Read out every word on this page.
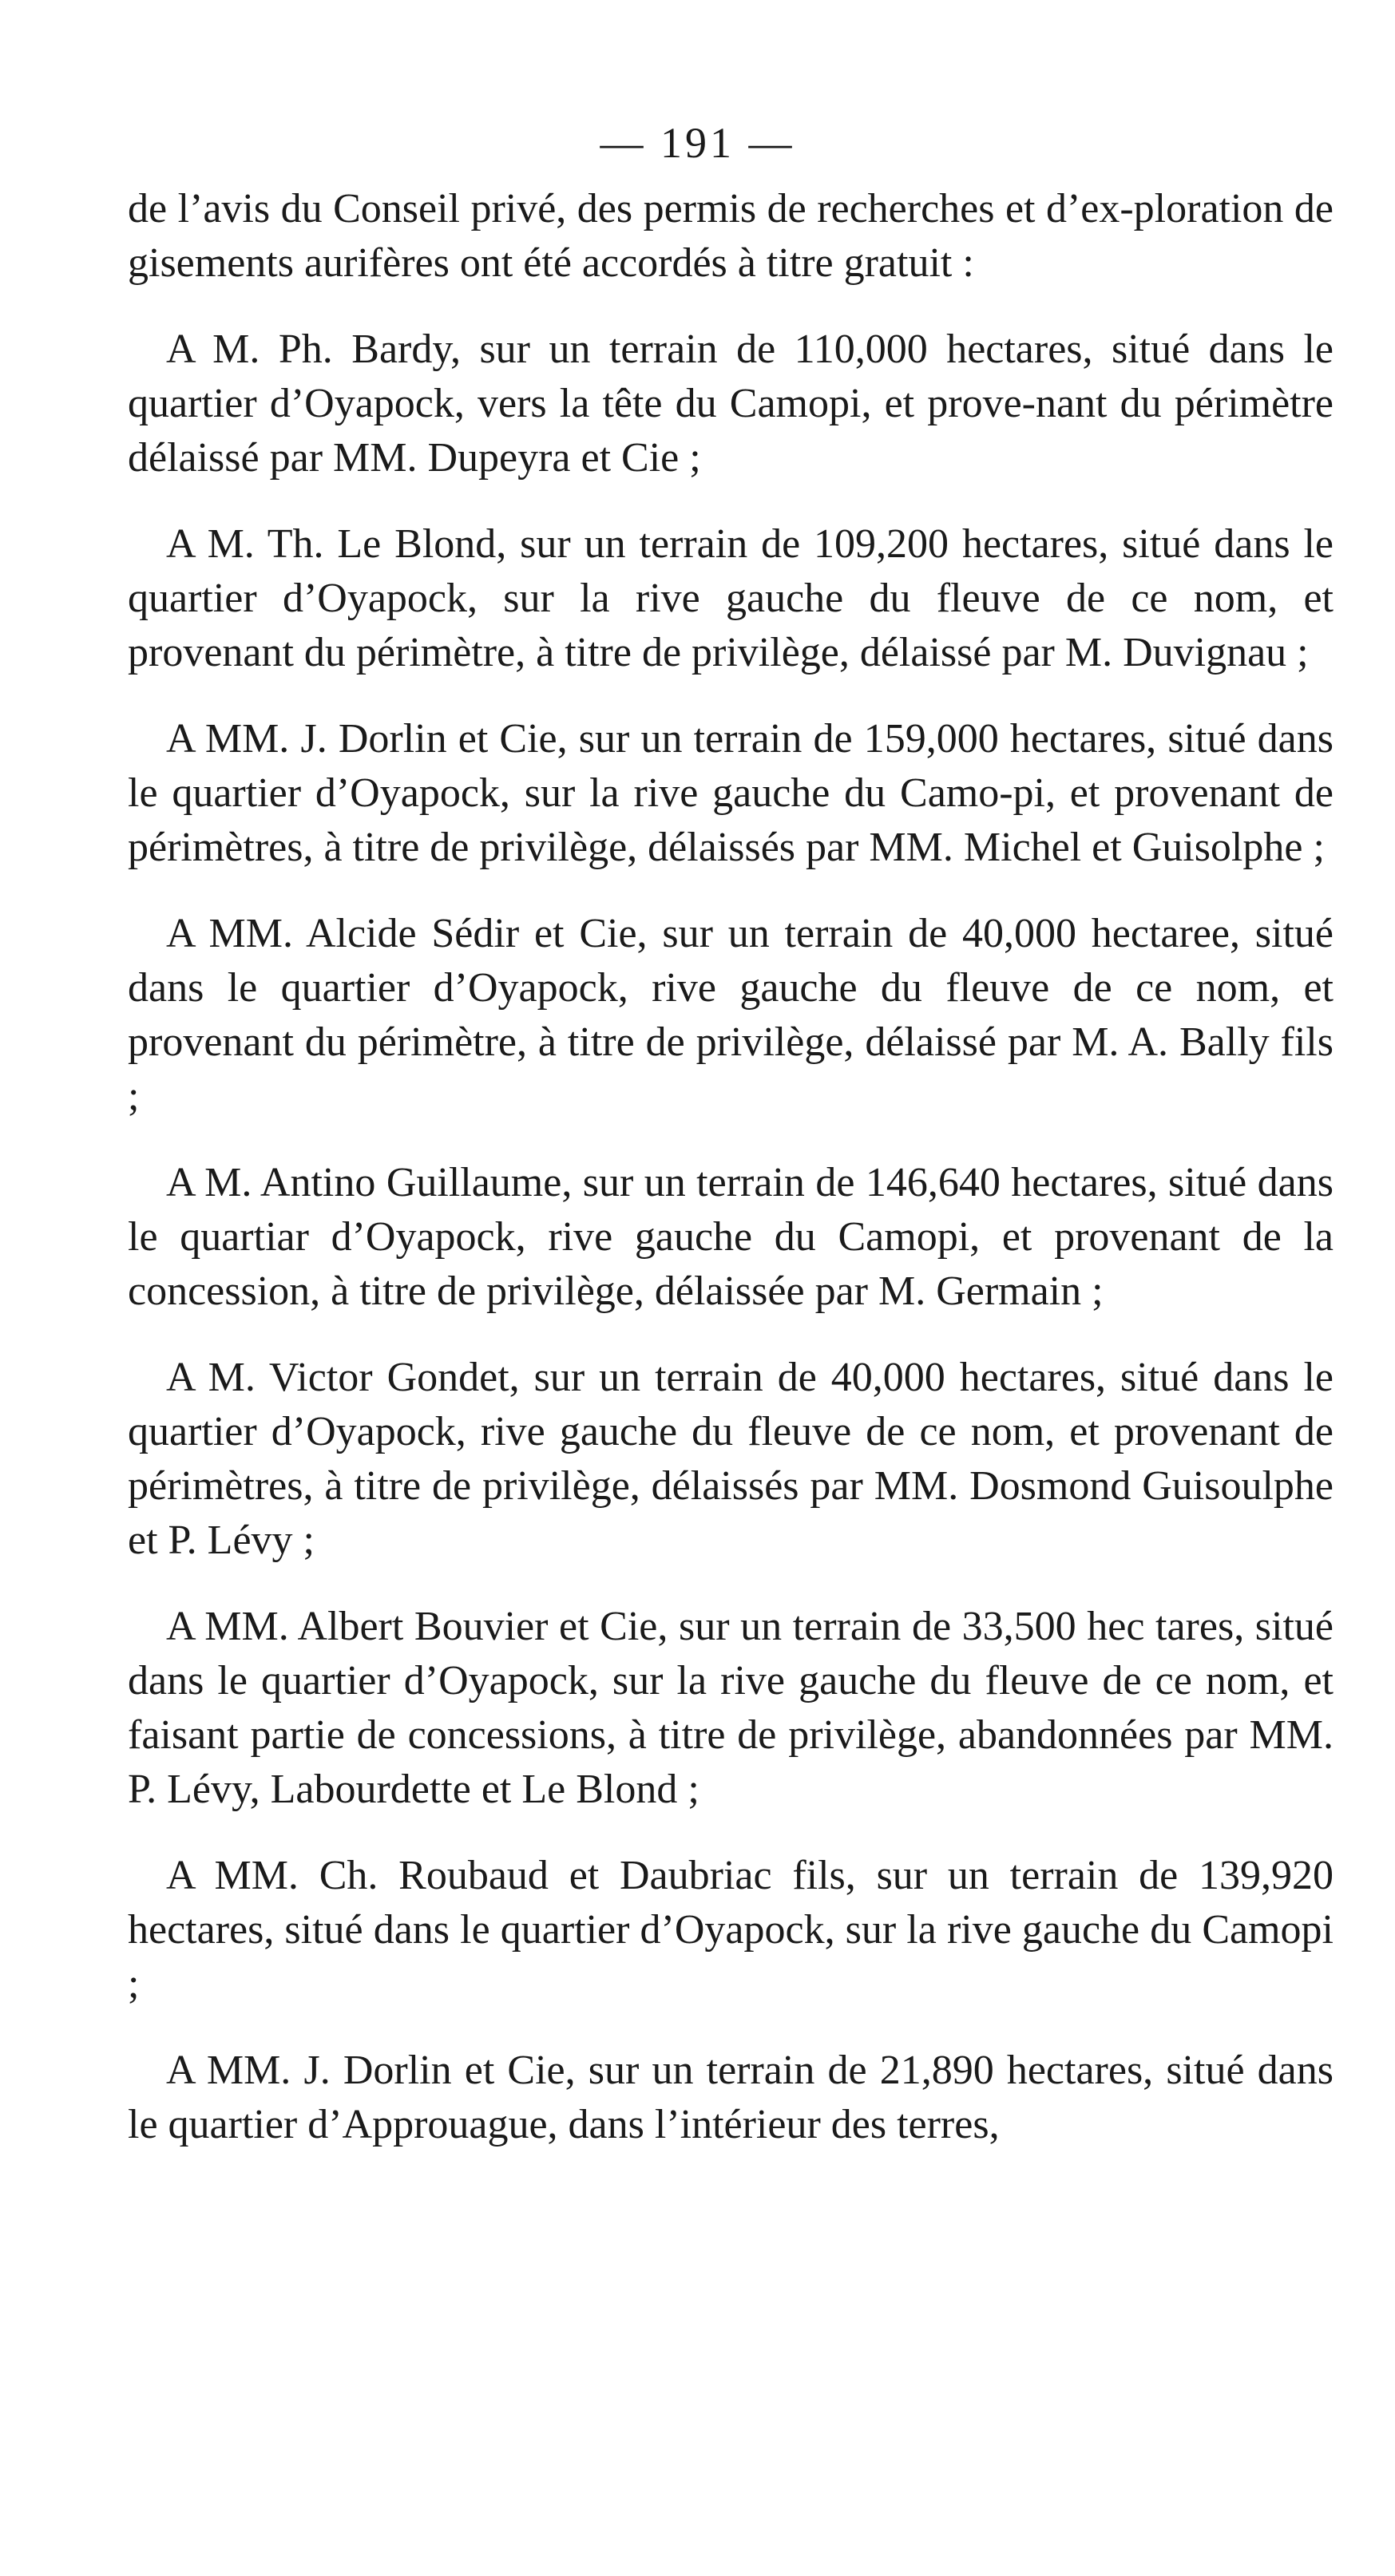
— 191 —

de l’avis du Conseil privé, des permis de recherches et d’ex-ploration de gisements aurifères ont été accordés à titre gratuit :

A M. Ph. Bardy, sur un terrain de 110,000 hectares, situé dans le quartier d’Oyapock, vers la tête du Camopi, et prove-nant du périmètre délaissé par MM. Dupeyra et Cie ;

A M. Th. Le Blond, sur un terrain de 109,200 hectares, situé dans le quartier d’Oyapock, sur la rive gauche du fleuve de ce nom, et provenant du périmètre, à titre de privilège, délaissé par M. Duvignau ;

A MM. J. Dorlin et Cie, sur un terrain de 159,000 hectares, situé dans le quartier d’Oyapock, sur la rive gauche du Camo-pi, et provenant de périmètres, à titre de privilège, délaissés par MM. Michel et Guisolphe ;

A MM. Alcide Sédir et Cie, sur un terrain de 40,000 hectaree, situé dans le quartier d’Oyapock, rive gauche du fleuve de ce nom, et provenant du périmètre, à titre de privilège, délaissé par M. A. Bally fils ;

A M. Antino Guillaume, sur un terrain de 146,640 hectares, situé dans le quartiar d’Oyapock, rive gauche du Camopi, et provenant de la concession, à titre de privilège, délaissée par M. Germain ;

A M. Victor Gondet, sur un terrain de 40,000 hectares, situé dans le quartier d’Oyapock, rive gauche du fleuve de ce nom, et provenant de périmètres, à titre de privilège, délaissés par MM. Dosmond Guisoulphe et P. Lévy ;

A MM. Albert Bouvier et Cie, sur un terrain de 33,500 hec tares, situé dans le quartier d’Oyapock, sur la rive gauche du fleuve de ce nom, et faisant partie de concessions, à titre de privilège, abandonnées par MM. P. Lévy, Labourdette et Le Blond ;

A MM. Ch. Roubaud et Daubriac fils, sur un terrain de 139,920 hectares, situé dans le quartier d’Oyapock, sur la rive gauche du Camopi ;

A MM. J. Dorlin et Cie, sur un terrain de 21,890 hectares, situé dans le quartier d’Approuague, dans l’intérieur des terres,
